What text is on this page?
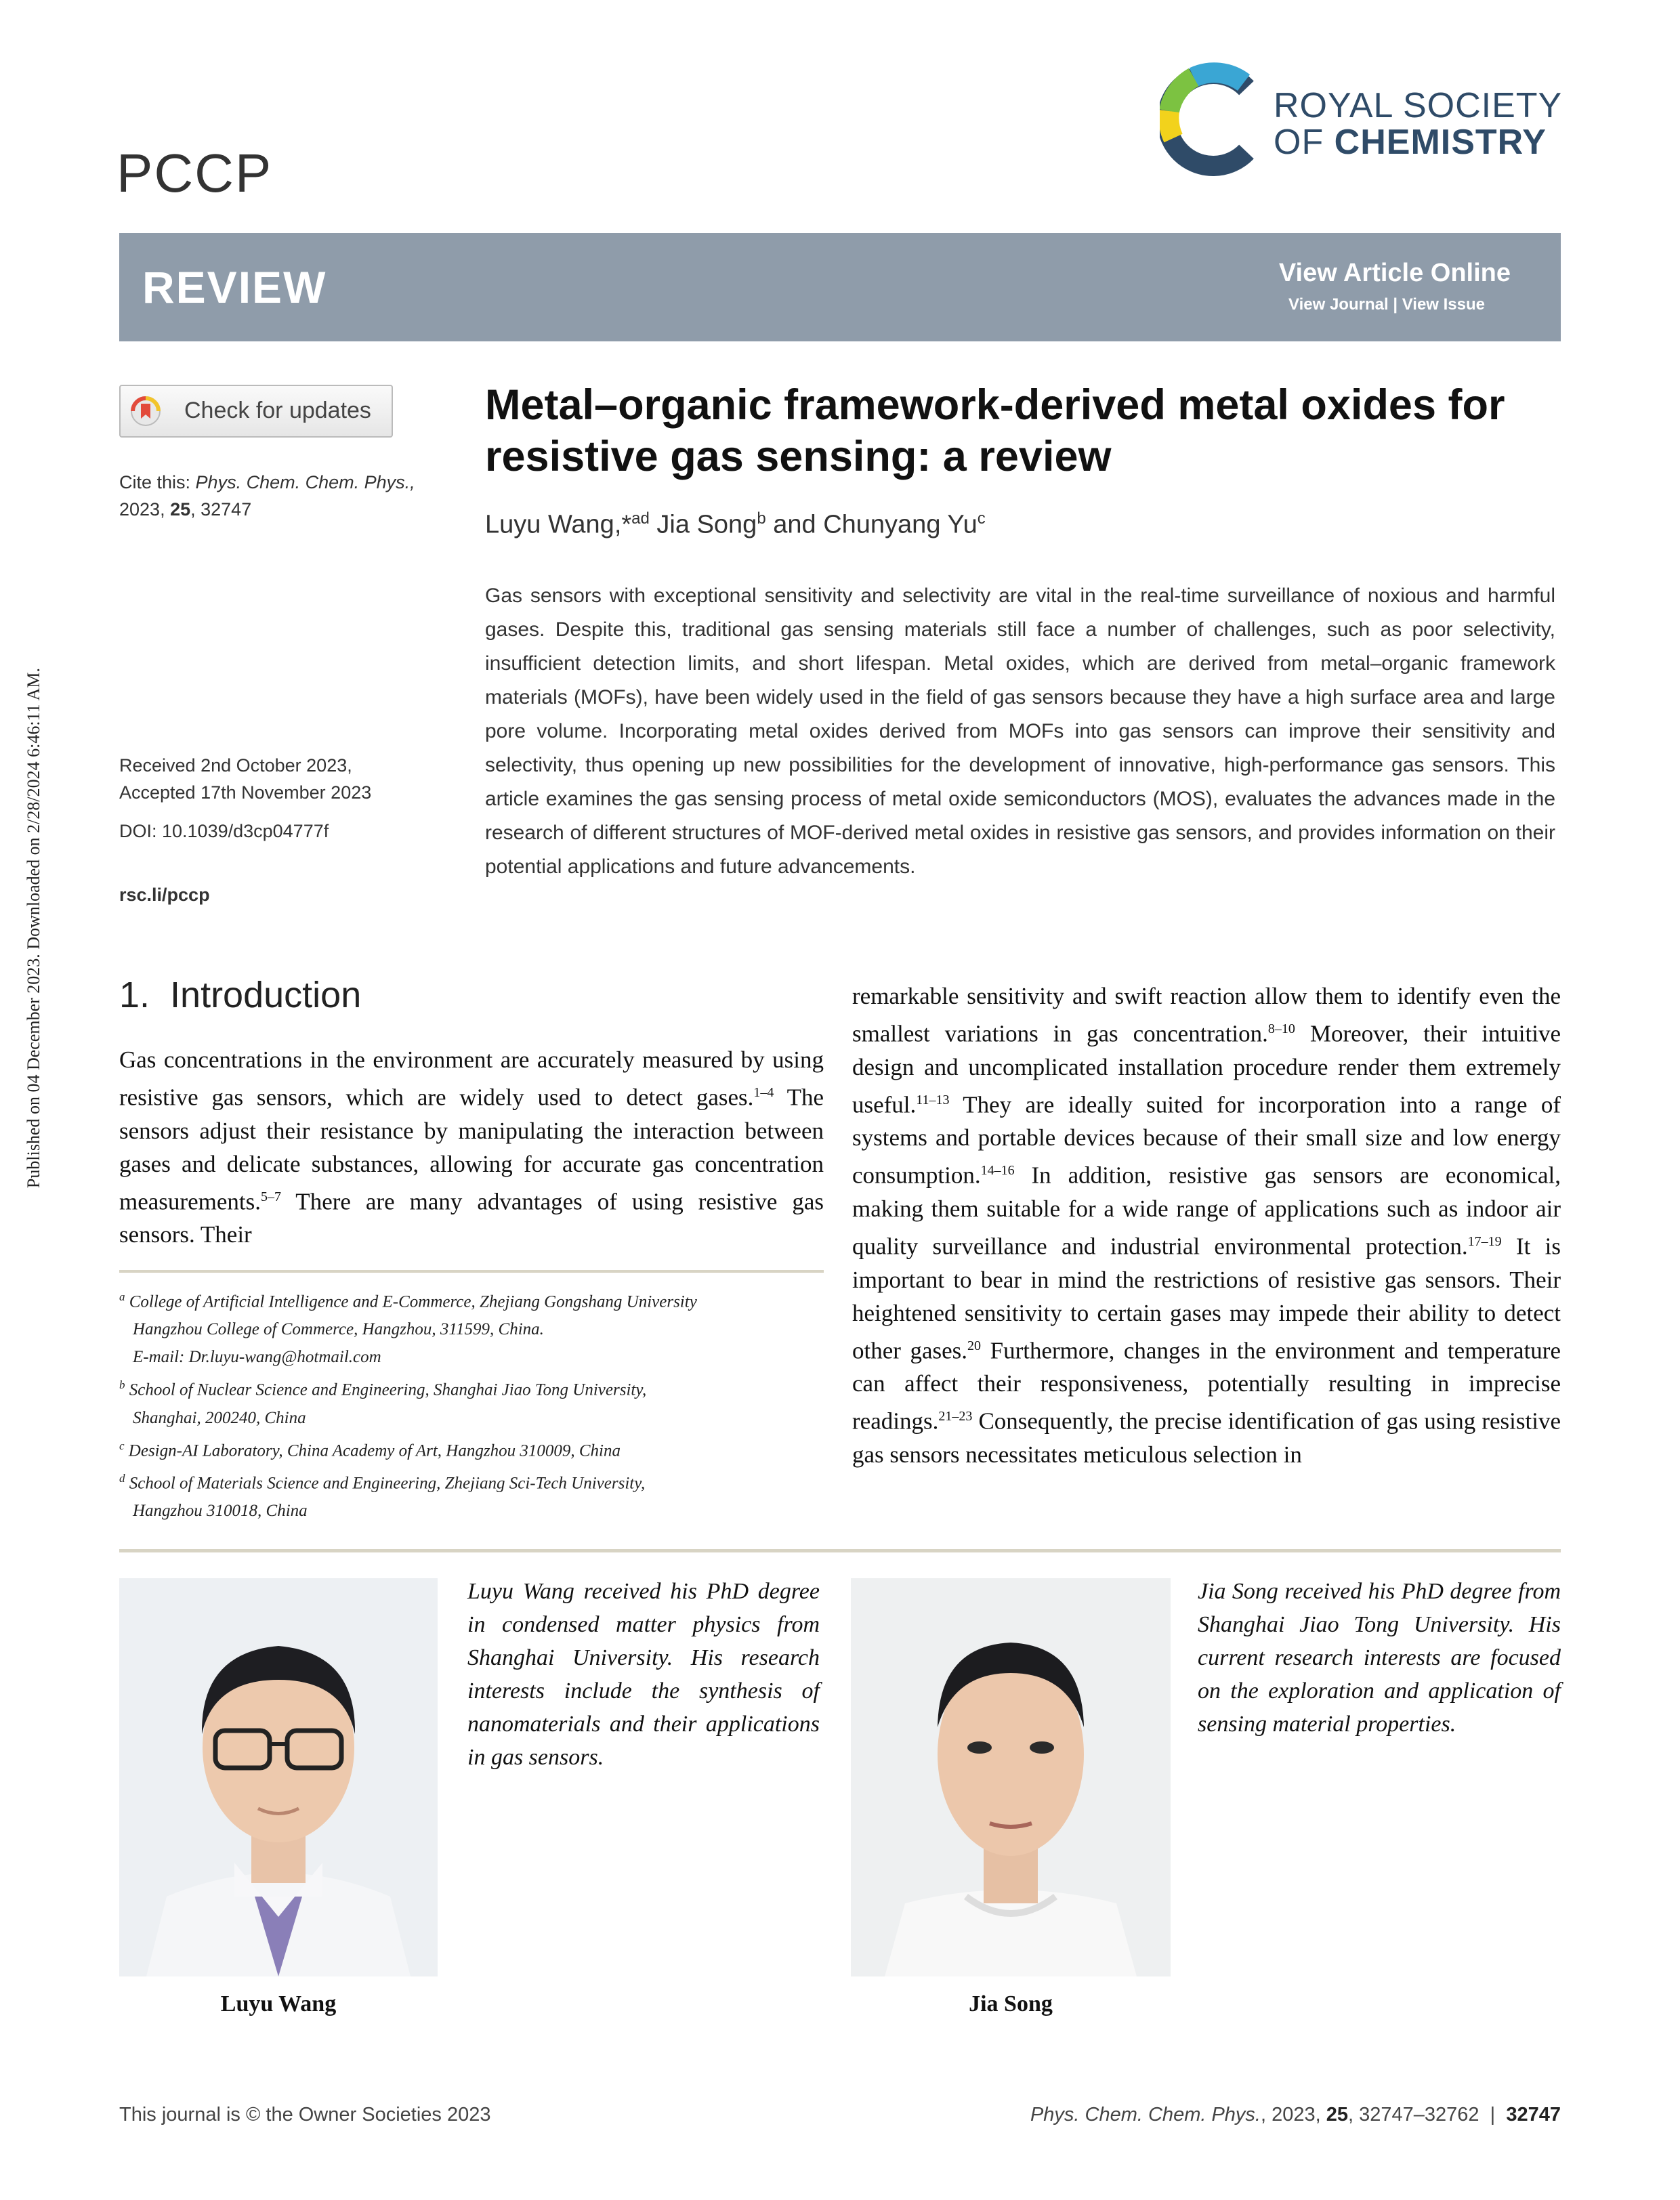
Published on 04 December 2023. Downloaded on 2/28/2024 6:46:11 AM.
PCCP
ROYAL SOCIETY
OF CHEMISTRY
REVIEW	View Article Online
View Journal | View Issue
Check for updates
Cite this: Phys. Chem. Chem. Phys.,
2023, 25, 32747
Received 2nd October 2023,
Accepted 17th November 2023
DOI: 10.1039/d3cp04777f
rsc.li/pccp
Metal–organic framework-derived metal oxides for resistive gas sensing: a review
Luyu Wang,*$^{ad}$ Jia Song$^b$ and Chunyang Yu$^c$
Gas sensors with exceptional sensitivity and selectivity are vital in the real-time surveillance of noxious and harmful gases. Despite this, traditional gas sensing materials still face a number of challenges, such as poor selectivity, insufficient detection limits, and short lifespan. Metal oxides, which are derived from metal–organic framework materials (MOFs), have been widely used in the field of gas sensors because they have a high surface area and large pore volume. Incorporating metal oxides derived from MOFs into gas sensors can improve their sensitivity and selectivity, thus opening up new possibilities for the development of innovative, high-performance gas sensors. This article examines the gas sensing process of metal oxide semiconductors (MOS), evaluates the advances made in the research of different structures of MOF-derived metal oxides in resistive gas sensors, and provides information on their potential applications and future advancements.
1.  Introduction
Gas concentrations in the environment are accurately measured by using resistive gas sensors, which are widely used to detect gases.$^{1-4}$ The sensors adjust their resistance by manipulating the interaction between gases and delicate substances, allowing for accurate gas concentration measurements.$^{5-7}$ There are many advantages of using resistive gas sensors. Their
remarkable sensitivity and swift reaction allow them to identify even the smallest variations in gas concentration.$^{8-10}$ Moreover, their intuitive design and uncomplicated installation procedure render them extremely useful.$^{11-13}$ They are ideally suited for incorporation into a range of systems and portable devices because of their small size and low energy consumption.$^{14-16}$ In addition, resistive gas sensors are economical, making them suitable for a wide range of applications such as indoor air quality surveillance and industrial environmental protection.$^{17-19}$ It is important to bear in mind the restrictions of resistive gas sensors. Their heightened sensitivity to certain gases may impede their ability to detect other gases.$^{20}$ Furthermore, changes in the environment and temperature can affect their responsiveness, potentially resulting in imprecise readings.$^{21-23}$ Consequently, the precise identification of gas using resistive gas sensors necessitates meticulous selection in
$^a$ College of Artificial Intelligence and E-Commerce, Zhejiang Gongshang University
Hangzhou College of Commerce, Hangzhou, 311599, China.
E-mail: Dr.luyu-wang@hotmail.com
$^b$ School of Nuclear Science and Engineering, Shanghai Jiao Tong University,
Shanghai, 200240, China
$^c$ Design-AI Laboratory, China Academy of Art, Hangzhou 310009, China
$^d$ School of Materials Science and Engineering, Zhejiang Sci-Tech University,
Hangzhou 310018, China
Luyu Wang received his PhD degree in condensed matter physics from Shanghai University. His research interests include the synthesis of nanomaterials and their applications in gas sensors.
Luyu Wang
Jia Song received his PhD degree from Shanghai Jiao Tong University. His current research interests are focused on the exploration and application of sensing material properties.
Jia Song
This journal is © the Owner Societies 2023	Phys. Chem. Chem. Phys., 2023, 25, 32747–32762 | 32747
